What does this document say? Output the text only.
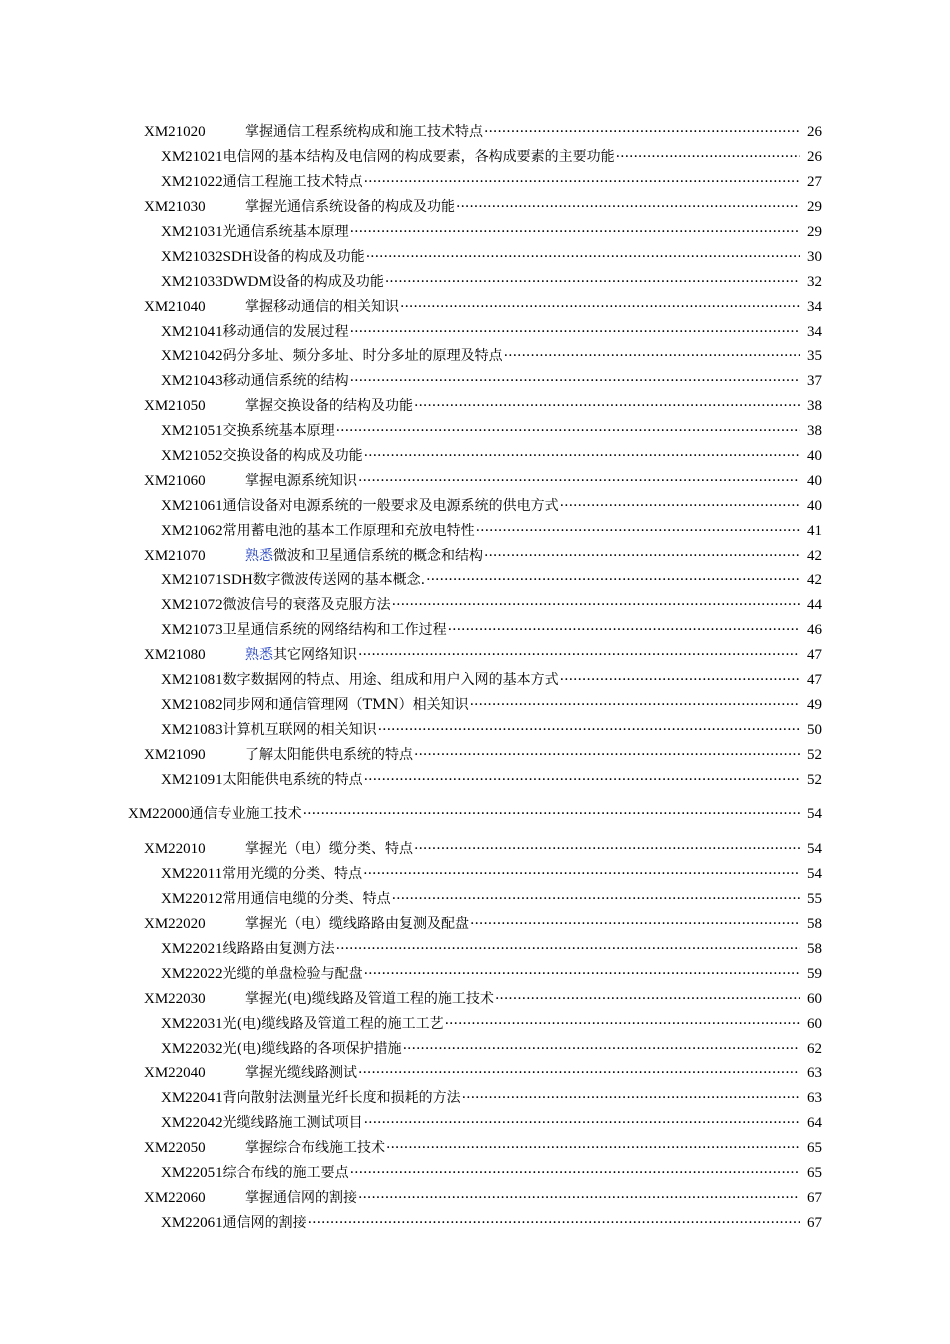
XM21020	掌握通信工程系统构成和施工技术特点 ·····	26
XM21021 电信网的基本结构及电信网的构成要素，各构成要素的主要功能 ·····	26
XM21022 通信工程施工技术特点 ·····	27
XM21030	掌握光通信系统设备的构成及功能 ·····	29
XM21031 光通信系统基本原理 ·····	29
XM21032SDH 设备的构成及功能 ·····	30
XM21033DWDM 设备的构成及功能 ·····	32
XM21040	掌握移动通信的相关知识 ·····	34
XM21041 移动通信的发展过程 ·····	34
XM21042 码分多址、频分多址、时分多址的原理及特点 ·····	35
XM21043 移动通信系统的结构 ·····	37
XM21050	掌握交换设备的结构及功能 ·····	38
XM21051 交换系统基本原理 ·····	38
XM21052 交换设备的构成及功能 ·····	40
XM21060	掌握电源系统知识 ·····	40
XM21061 通信设备对电源系统的一般要求及电源系统的供电方式 ·····	40
XM21062 常用蓄电池的基本工作原理和充放电特性 ·····	41
XM21070	熟悉 微波和卫星通信系统的概念和结构 ·····	42
XM21071SDH 数字微波传送网的基本概念. ·····	42
XM21072 微波信号的衰落及克服方法 ·····	44
XM21073 卫星通信系统的网络结构和工作过程 ·····	46
XM21080	熟悉 其它网络知识 ·····	47
XM21081 数字数据网的特点、用途、组成和用户入网的基本方式 ·····	47
XM21082 同步网和通信管理网（TMN）相关知识 ·····	49
XM21083 计算机互联网的相关知识 ·····	50
XM21090	了解太阳能供电系统的特点 ·····	52
XM21091 太阳能供电系统的特点 ·····	52
XM22000 通信专业施工技术 ·····	54
XM22010	掌握光（电）缆分类、特点 ·····	54
XM22011 常用光缆的分类、特点 ·····	54
XM22012 常用通信电缆的分类、特点 ·····	55
XM22020	掌握光（电）缆线路路由复测及配盘 ·····	58
XM22021 线路路由复测方法 ·····	58
XM22022 光缆的单盘检验与配盘 ·····	59
XM22030	掌握光(电)缆线路及管道工程的施工技术 ·····	60
XM22031 光(电)缆线路及管道工程的施工工艺 ·····	60
XM22032 光(电)缆线路的各项保护措施 ·····	62
XM22040	掌握光缆线路测试 ·····	63
XM22041 背向散射法测量光纤长度和损耗的方法 ·····	63
XM22042 光缆线路施工测试项目 ·····	64
XM22050	掌握综合布线施工技术 ·····	65
XM22051 综合布线的施工要点 ·····	65
XM22060	掌握通信网的割接 ·····	67
XM22061 通信网的割接 ·····	67
